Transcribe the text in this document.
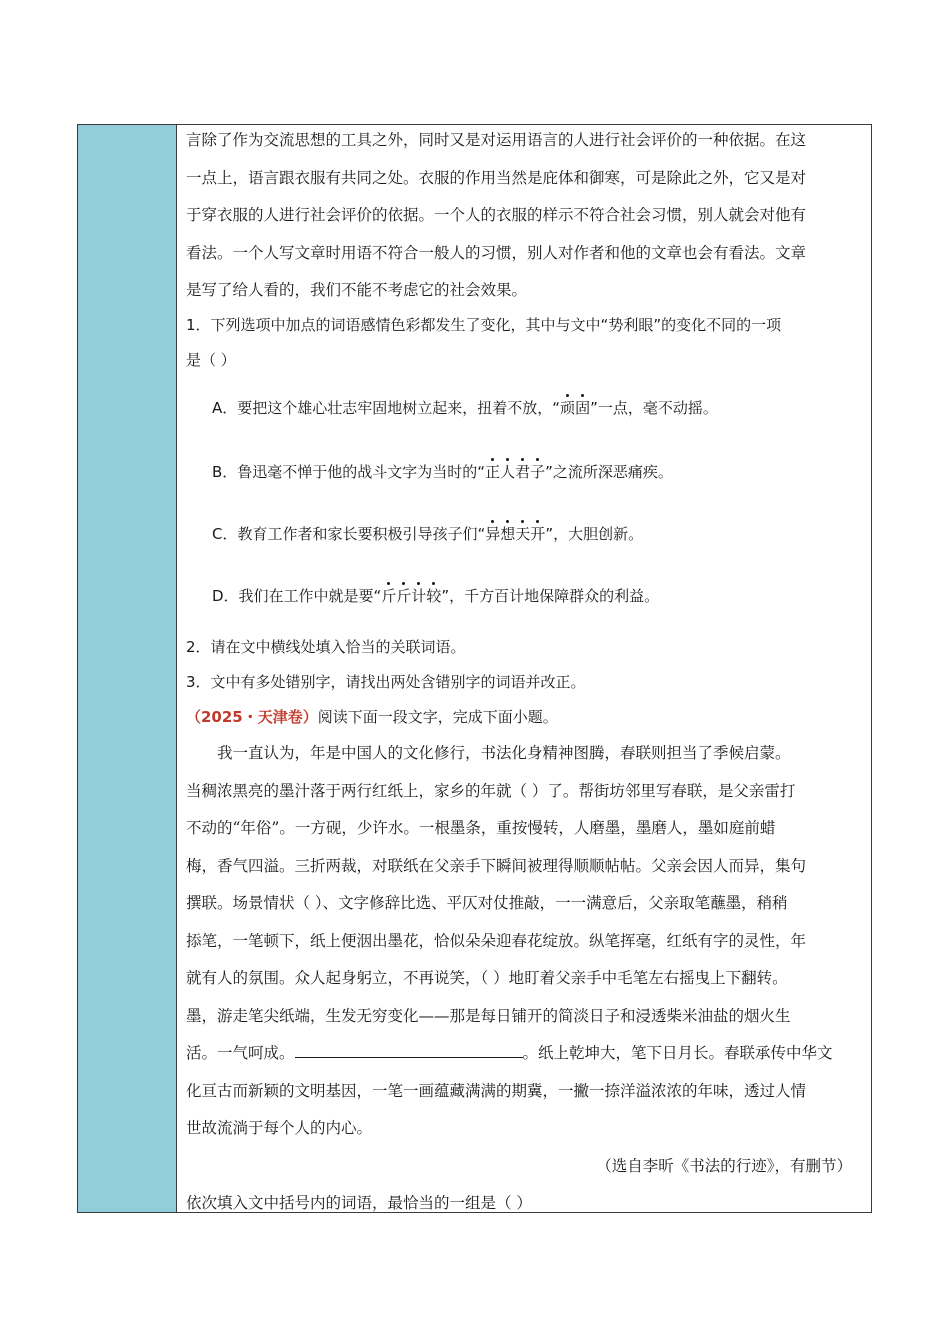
言除了作为交流思想的工具之外，同时又是对运用语言的人进行社会评价的一种依据。在这

一点上，语言跟衣服有共同之处。衣服的作用当然是庇体和御寒，可是除此之外，它又是对

于穿衣服的人进行社会评价的依据。一个人的衣服的样示不符合社会习惯，别人就会对他有

看法。一个人写文章时用语不符合一般人的习惯，别人对作者和他的文章也会有看法。文章

是写了给人看的，我们不能不考虑它的社会效果。

1．下列选项中加点的词语感情色彩都发生了变化，其中与文中“势利眼”的变化不同的一项

是（ ）

A．要把这个雄心壮志牢固地树立起来，扭着不放，“顽固”一点，毫不动摇。
B．鲁迅毫不惮于他的战斗文字为当时的“正人君子”之流所深恶痛疾。
C．教育工作者和家长要积极引导孩子们“异想天开”，大胆创新。
D．我们在工作中就是要“斤斤计较”，千方百计地保障群众的利益。

2．请在文中横线处填入恰当的关联词语。

3．文中有多处错别字，请找出两处含错别字的词语并改正。

（2025・天津卷）阅读下面一段文字，完成下面小题。

我一直认为，年是中国人的文化修行，书法化身精神图腾，春联则担当了季候启蒙。

当稠浓黑亮的墨汁落于两行红纸上，家乡的年就（ ）了。帮街坊邻里写春联，是父亲雷打

不动的“年俗”。一方砚，少许水。一根墨条，重按慢转，人磨墨，墨磨人，墨如庭前蜡

梅，香气四溢。三折两裁，对联纸在父亲手下瞬间被理得顺顺帖帖。父亲会因人而异，集句

撰联。场景情状（ ）、文字修辞比选、平仄对仗推敲，一一满意后，父亲取笔蘸墨，稍稍

掭笔，一笔顿下，纸上便洇出墨花，恰似朵朵迎春花绽放。纵笔挥毫，红纸有字的灵性，年

就有人的氛围。众人起身躬立，不再说笑，（ ）地盯着父亲手中毛笔左右摇曳上下翻转。

墨，游走笔尖纸端，生发无穷变化——那是每日铺开的简淡日子和浸透柴米油盐的烟火生

活。一气呵成。	。纸上乾坤大，笔下日月长。春联承传中华文

化亘古而新颖的文明基因，一笔一画蕴藏满满的期冀，一撇一捺洋溢浓浓的年味，透过人情

世故流淌于每个人的内心。

（选自李昕《书法的行迹》，有删节）

依次填入文中括号内的词语，最恰当的一组是（ ）
